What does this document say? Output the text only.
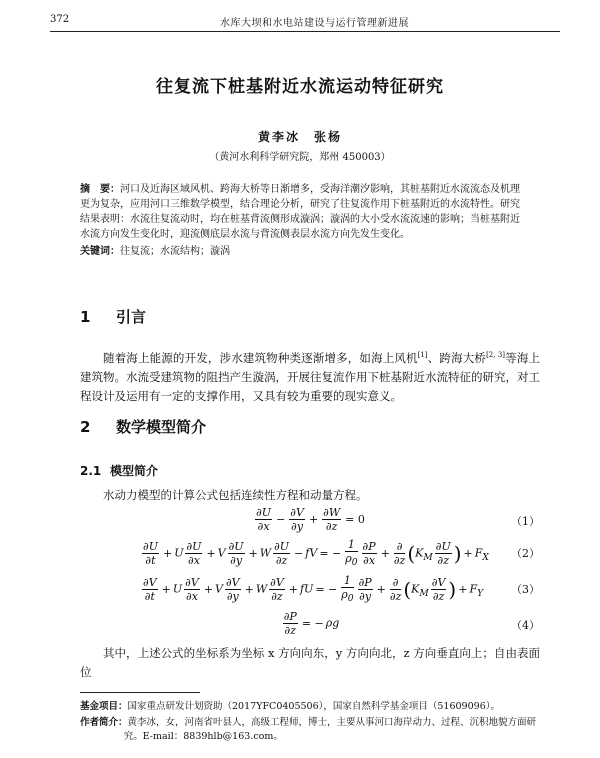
372	水库大坝和水电站建设与运行管理新进展
往复流下桩基附近水流运动特征研究
黄李冰　张杨
（黄河水利科学研究院，郑州 450003）
摘　要：河口及近海区域风机、跨海大桥等日渐增多，受海洋潮汐影响，其桩基附近水流流态及机理更为复杂，应用河口三维数学模型，结合理论分析，研究了往复流作用下桩基附近的水流特性。研究结果表明：水流往复流动时，均在桩基背流侧形成漩涡；漩涡的大小受水流流速的影响；当桩基附近水流方向发生变化时，迎流侧底层水流与背流侧表层水流方向先发生变化。
关键词：往复流；水流结构；漩涡
1 引言
随着海上能源的开发，涉水建筑物种类逐渐增多，如海上风机[1]、跨海大桥[2, 3]等海上建筑物。水流受建筑物的阻挡产生漩涡，开展往复流作用下桩基附近水流特征的研究，对工程设计及运用有一定的支撑作用，又具有较为重要的现实意义。
2 数学模型简介
2.1 模型简介
水动力模型的计算公式包括连续性方程和动量方程。
$\frac{\partial U}{\partial x} - \frac{\partial V}{\partial y} + \frac{\partial W}{\partial z} = 0$	（1）
$\frac{\partial U}{\partial t} + U \frac{\partial U}{\partial x} + V \frac{\partial U}{\partial y} + W \frac{\partial U}{\partial z}$ − fV = − $\frac{1}{\rho_0} \frac{\partial P}{\partial x} + \frac{\partial}{\partial z} (K_M \frac{\partial U}{\partial z}$ ) + $F_X$	（2）
$\frac{\partial V}{\partial t} + U \frac{\partial V}{\partial x} + V \frac{\partial V}{\partial y} + W \frac{\partial V}{\partial z}$ + fU = − $\frac{1}{\rho_0} \frac{\partial P}{\partial y} + \frac{\partial}{\partial z} (K_M \frac{\partial V}{\partial z}$ ) + $F_Y$	（3）
$\frac{\partial P}{\partial z}$ = − ρg	（4）
其中，上述公式的坐标系为坐标 x 方向向东，y 方向向北，z 方向垂直向上；自由表面位
基金项目：国家重点研发计划资助（2017YFC0405506），国家自然科学基金项目（51609096）。
作者简介：黄李冰，女，河南省叶县人，高级工程师，博士，主要从事河口海岸动力、过程、沉积地貌方面研究。E-mail：8839hlb@163.com。
